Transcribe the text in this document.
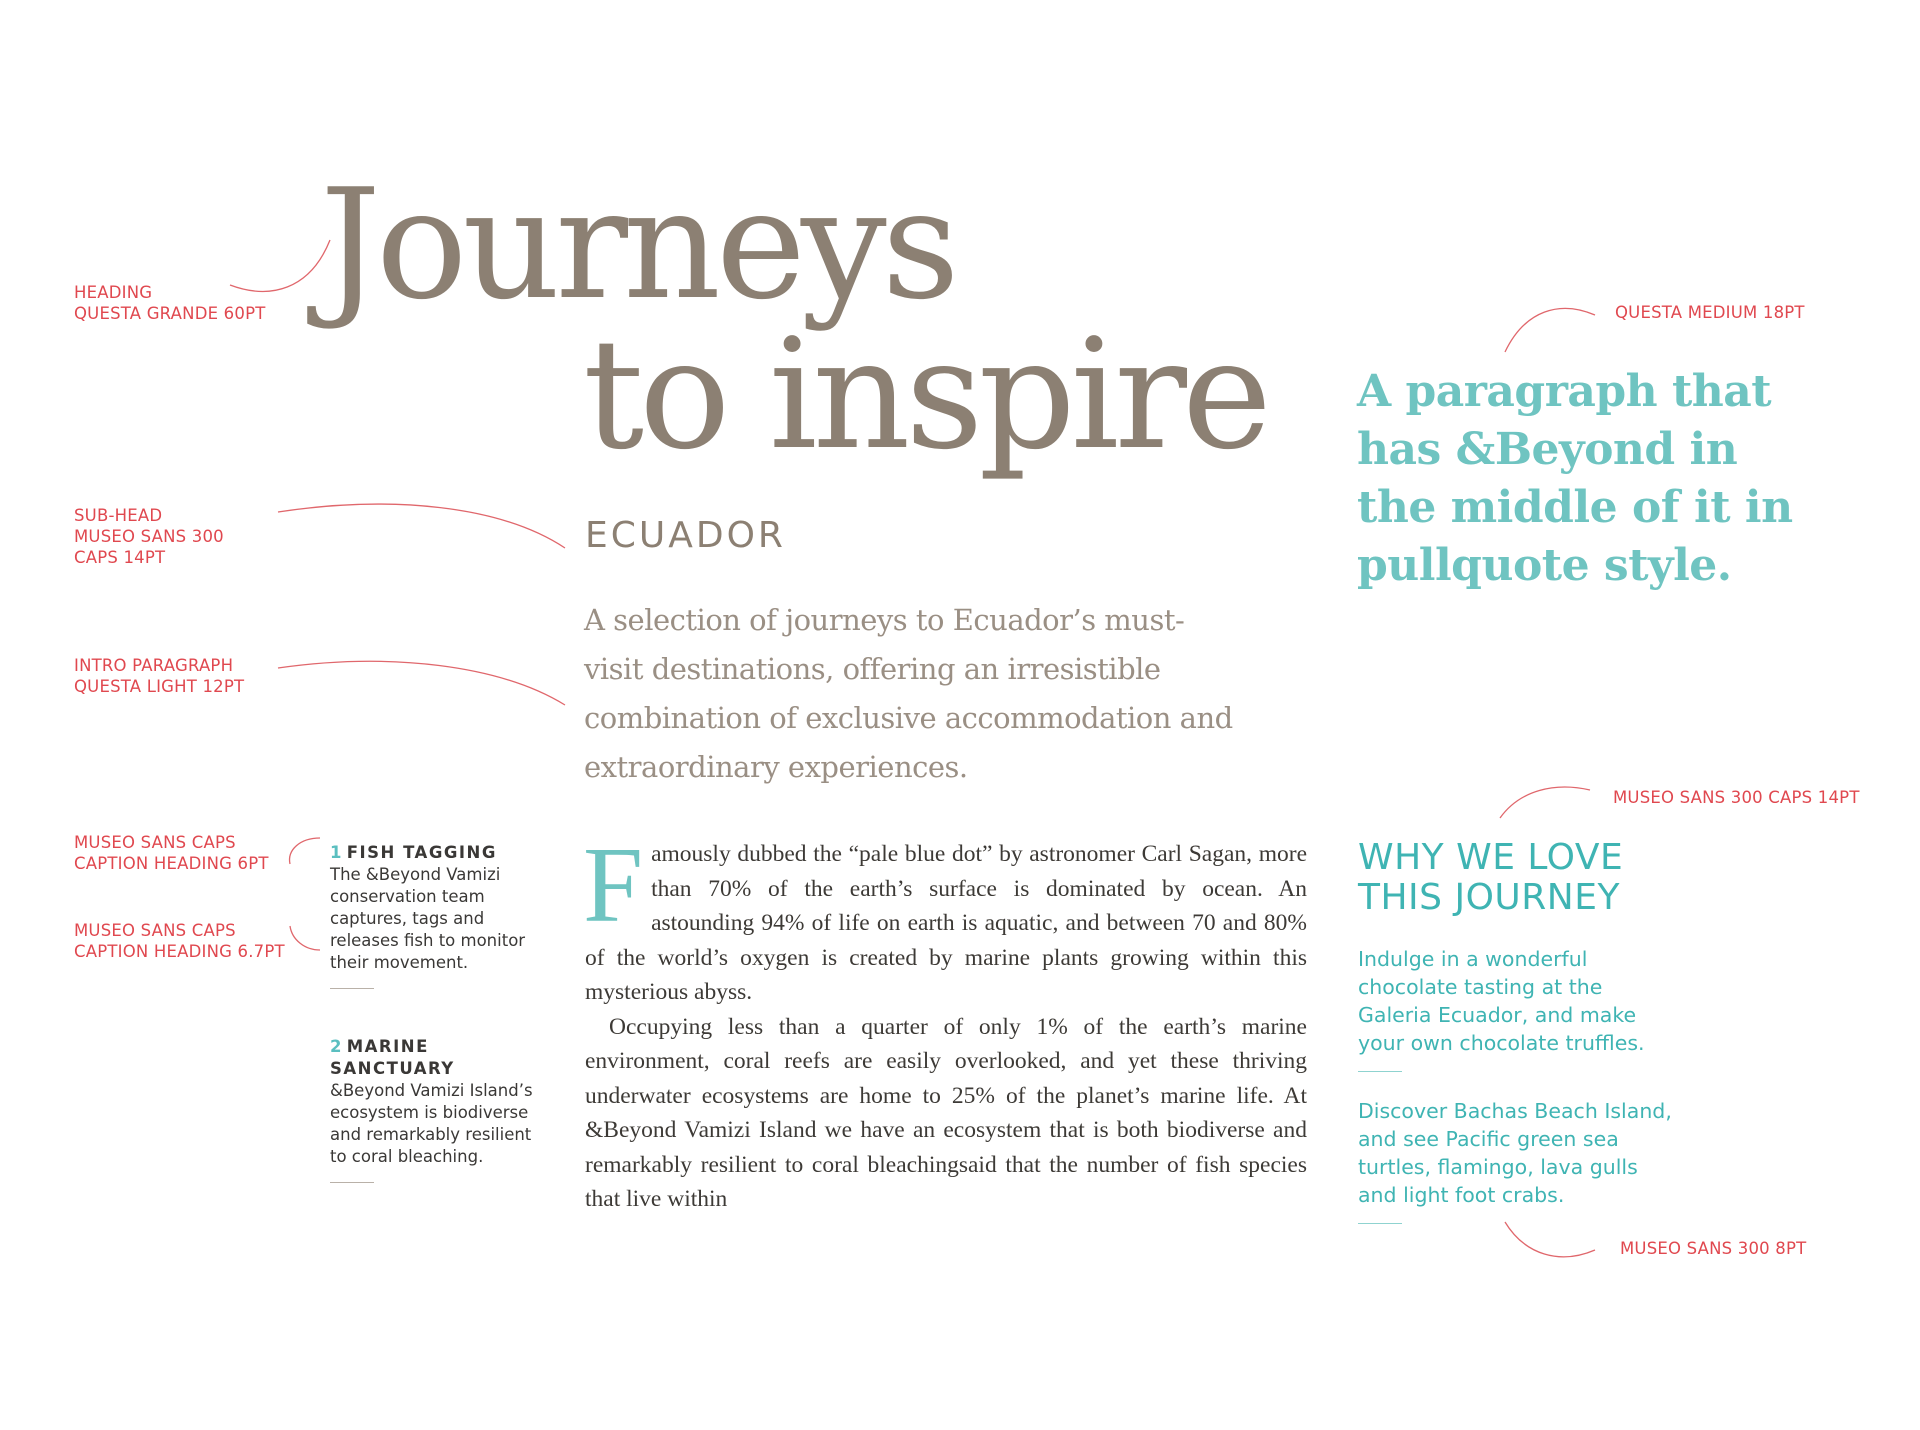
HEADING
QUESTA GRANDE 60PT
SUB-HEAD
MUSEO SANS 300
CAPS 14PT
INTRO PARAGRAPH
QUESTA LIGHT 12PT
MUSEO SANS CAPS
CAPTION HEADING 6PT
MUSEO SANS CAPS
CAPTION HEADING 6.7PT
QUESTA MEDIUM 18PT
MUSEO SANS 300 CAPS 14PT
MUSEO SANS 300 8PT
Journeys
to inspire
ECUADOR
A selection of journeys to Ecuador’s must-visit destinations, offering an irresistible combination of exclusive accommodation and extraordinary experiences.
1 FISH TAGGING
The &Beyond Vamizi conservation team captures, tags and releases fish to monitor their movement.
2 MARINE SANCTUARY
&Beyond Vamizi Island’s ecosystem is biodiverse and remarkably resilient to coral bleaching.

Famously dubbed the “pale blue dot” by astronomer Carl Sagan, more than 70% of the earth’s surface is dominated by ocean. An astounding 94% of life on earth is aquatic, and between 70 and 80% of the world’s oxygen is created by marine plants growing within this mysterious abyss.

Occupying less than a quarter of only 1% of the earth’s marine environment, coral reefs are easily overlooked, and yet these thriving underwater ecosystems are home to 25% of the planet’s marine life. At &Beyond Vamizi Island we have an ecosystem that is both biodiverse and remarkably resilient to coral bleachingsaid that the number of fish species that live within

A paragraph that has &Beyond in the middle of it in pullquote style.
WHY WE LOVE THIS JOURNEY
Indulge in a wonderful chocolate tasting at the Galeria Ecuador, and make your own chocolate truffles.
Discover Bachas Beach Island, and see Pacific green sea turtles, flamingo, lava gulls and light foot crabs.
